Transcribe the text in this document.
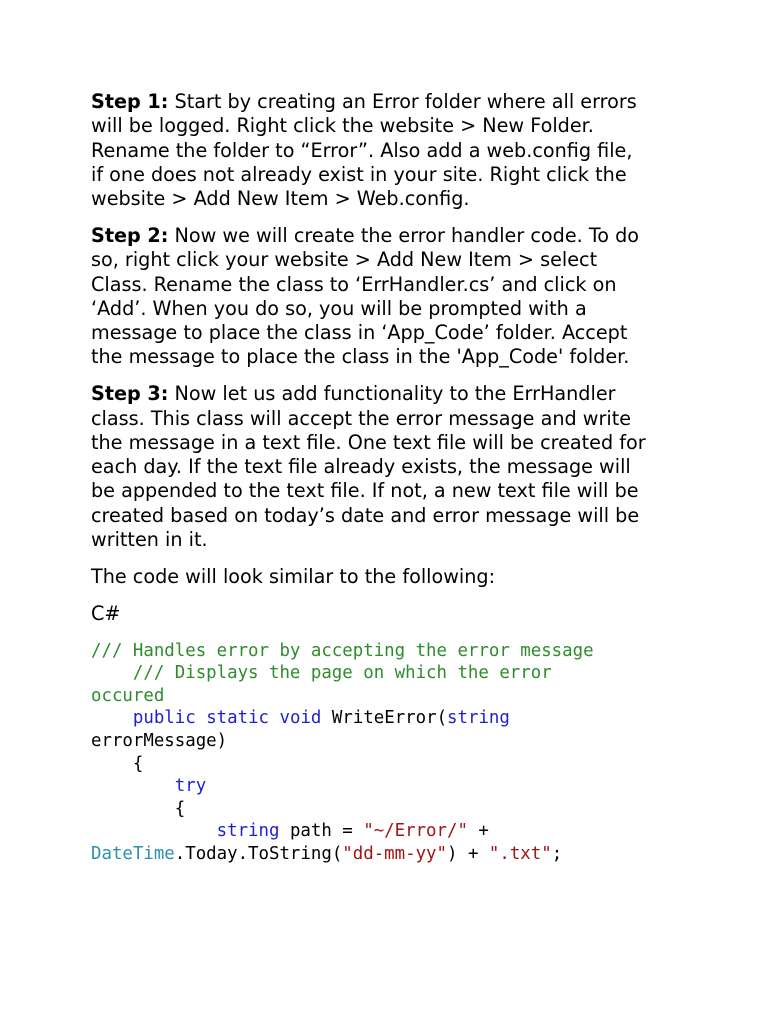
Step 1: Start by creating an Error folder where all errors
will be logged. Right click the website > New Folder.
Rename the folder to “Error”. Also add a web.config file,
if one does not already exist in your site. Right click the
website > Add New Item > Web.config.

Step 2: Now we will create the error handler code. To do
so, right click your website > Add New Item > select
Class. Rename the class to ‘ErrHandler.cs’ and click on
‘Add’. When you do so, you will be prompted with a
message to place the class in ‘App_Code’ folder. Accept
the message to place the class in the 'App_Code' folder.

Step 3: Now let us add functionality to the ErrHandler
class. This class will accept the error message and write
the message in a text file. One text file will be created for
each day. If the text file already exists, the message will
be appended to the text file. If not, a new text file will be
created based on today’s date and error message will be
written in it.

The code will look similar to the following:

C#

/// Handles error by accepting the error message
/// Displays the page on which the error
occured
public static void WriteError(string
errorMessage)
{
try
{
string path = "~/Error/" +
DateTime.Today.ToString("dd-mm-yy") + ".txt";
